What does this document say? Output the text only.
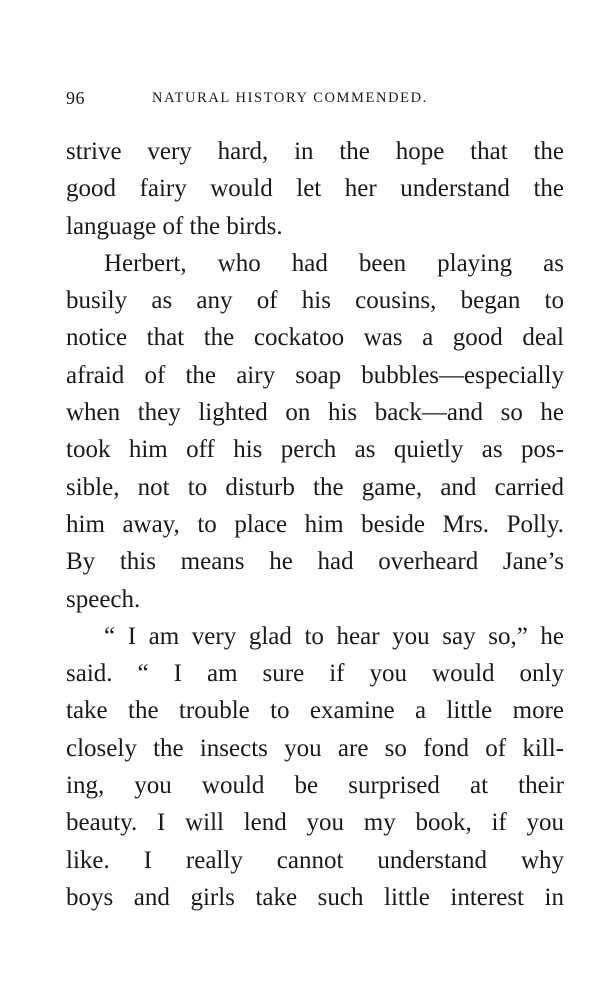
96	NATURAL HISTORY COMMENDED.
strive very hard, in the hope that the
good fairy would let her understand the
language of the birds.
Herbert, who had been playing as
busily as any of his cousins, began to
notice that the cockatoo was a good deal
afraid of the airy soap bubbles—especially
when they lighted on his back—and so he
took him off his perch as quietly as pos-
sible, not to disturb the game, and carried
him away, to place him beside Mrs. Polly.
By this means he had overheard Jane’s
speech.
“ I am very glad to hear you say so,” he
said. “ I am sure if you would only
take the trouble to examine a little more
closely the insects you are so fond of kill-
ing, you would be surprised at their
beauty. I will lend you my book, if you
like. I really cannot understand why
boys and girls take such little interest in
